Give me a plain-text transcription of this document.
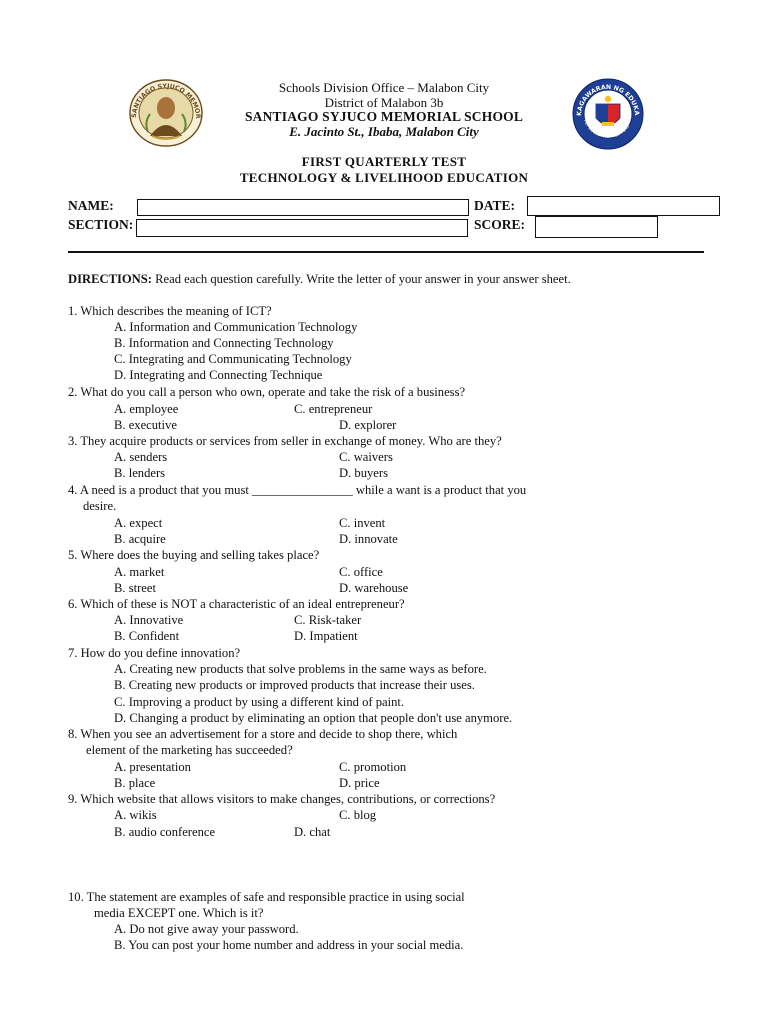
SANTIAGO SYJUCO MEMOR	KAGAWARAN NG EDUKA
REPUBLIKA NG PILIPINAS
Schools Division Office – Malabon City
District of Malabon 3b
SANTIAGO SYJUCO MEMORIAL SCHOOL
E. Jacinto St., Ibaba, Malabon City
FIRST QUARTERLY TEST
TECHNOLOGY & LIVELIHOOD EDUCATION
NAME:	DATE:
SECTION:	SCORE:
DIRECTIONS: Read each question carefully. Write the letter of your answer in your answer sheet.
1. Which describes the meaning of ICT?
A. Information and Communication Technology
B. Information and Connecting Technology
C. Integrating and Communicating Technology
D. Integrating and Connecting Technique
2. What do you call a person who own, operate and take the risk of a business?
A. employee	C. entrepreneur
B. executive	D. explorer
3. They acquire products or services from seller in exchange of money. Who are they?
A. senders	C. waivers
B. lenders	D. buyers
4. A need is a product that you must ________________ while a want is a product that you
desire.
A. expect	C. invent
B. acquire	D. innovate
5. Where does the buying and selling takes place?
A. market	C. office
B. street	D. warehouse
6. Which of these is NOT a characteristic of an ideal entrepreneur?
A. Innovative	C. Risk-taker
B. Confident	D. Impatient
7. How do you define innovation?
A. Creating new products that solve problems in the same ways as before.
B. Creating new products or improved products that increase their uses.
C. Improving a product by using a different kind of paint.
D. Changing a product by eliminating an option that people don't use anymore.
8. When you see an advertisement for a store and decide to shop there, which
element of the marketing has succeeded?
A. presentation	C. promotion
B. place	D. price
9. Which website that allows visitors to make changes, contributions, or corrections?
A. wikis	C. blog
B. audio conference	D. chat
10. The statement are examples of safe and responsible practice in using social
media EXCEPT one. Which is it?
A. Do not give away your password.
B. You can post your home number and address in your social media.
